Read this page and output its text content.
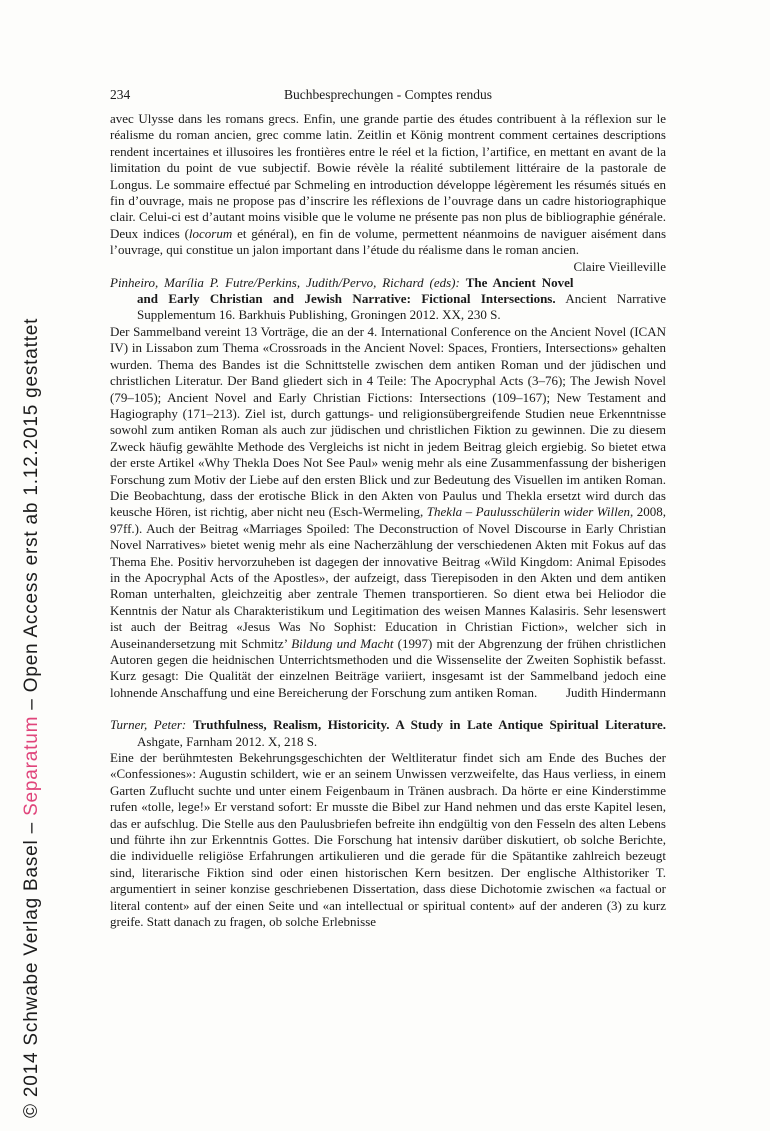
© 2014 Schwabe Verlag Basel – Separatum – Open Access erst ab 1.12.2015 gestattet
234	Buchbesprechungen - Comptes rendus

avec Ulysse dans les romans grecs. Enfin, une grande partie des études contribuent à la réflexion sur le réalisme du roman ancien, grec comme latin. Zeitlin et König montrent comment certaines descriptions rendent incertaines et illusoires les frontières entre le réel et la fiction, l’artifice, en mettant en avant de la limitation du point de vue subjectif. Bowie révèle la réalité subtilement littéraire de la pastorale de Longus. Le sommaire effectué par Schmeling en introduction développe légèrement les résumés situés en fin d’ouvrage, mais ne propose pas d’inscrire les réflexions de l’ouvrage dans un cadre historiographique clair. Celui-ci est d’autant moins visible que le volume ne présente pas non plus de bibliographie générale. Deux indices (locorum et général), en fin de volume, permettent néanmoins de naviguer aisément dans l’ouvrage, qui constitue un jalon important dans l’étude du réalisme dans le roman ancien.
Claire Vieilleville

Pinheiro, Marília P. Futre/Perkins, Judith/Pervo, Richard (eds): The Ancient Novel and Early Christian and Jewish Narrative: Fictional Intersections. Ancient Narrative Supplementum 16. Barkhuis Publishing, Groningen 2012. XX, 230 S.

Der Sammelband vereint 13 Vorträge, die an der 4. International Conference on the Ancient Novel (ICAN IV) in Lissabon zum Thema «Crossroads in the Ancient Novel: Spaces, Frontiers, Intersections» gehalten wurden. Thema des Bandes ist die Schnittstelle zwischen dem antiken Roman und der jüdischen und christlichen Literatur. Der Band gliedert sich in 4 Teile: The Apocryphal Acts (3–76); The Jewish Novel (79–105); Ancient Novel and Early Christian Fictions: Intersections (109–167); New Testament and Hagiography (171–213). Ziel ist, durch gattungs- und religionsübergreifende Studien neue Erkenntnisse sowohl zum antiken Roman als auch zur jüdischen und christlichen Fiktion zu gewinnen. Die zu diesem Zweck häufig gewählte Methode des Vergleichs ist nicht in jedem Beitrag gleich ergiebig. So bietet etwa der erste Artikel «Why Thekla Does Not See Paul» wenig mehr als eine Zusammenfassung der bisherigen Forschung zum Motiv der Liebe auf den ersten Blick und zur Bedeutung des Visuellen im antiken Roman. Die Beobachtung, dass der erotische Blick in den Akten von Paulus und Thekla ersetzt wird durch das keusche Hören, ist richtig, aber nicht neu (Esch-Wermeling, Thekla – Paulusschülerin wider Willen, 2008, 97ff.). Auch der Beitrag «Marriages Spoiled: The Deconstruction of Novel Discourse in Early Christian Novel Narratives» bietet wenig mehr als eine Nacherzählung der verschiedenen Akten mit Fokus auf das Thema Ehe. Positiv hervorzuheben ist dagegen der innovative Beitrag «Wild Kingdom: Animal Episodes in the Apocryphal Acts of the Apostles», der aufzeigt, dass Tierepisoden in den Akten und dem antiken Roman unterhalten, gleichzeitig aber zentrale Themen transportieren. So dient etwa bei Heliodor die Kenntnis der Natur als Charakteristikum und Legitimation des weisen Mannes Kalasiris. Sehr lesenswert ist auch der Beitrag «Jesus Was No Sophist: Education in Christian Fiction», welcher sich in Auseinandersetzung mit Schmitz’ Bildung und Macht (1997) mit der Abgrenzung der frühen christlichen Autoren gegen die heidnischen Unterrichtsmethoden und die Wissenselite der Zweiten Sophistik befasst. Kurz gesagt: Die Qualität der einzelnen Beiträge variiert, insgesamt ist der Sammelband jedoch eine lohnende Anschaffung und eine Bereicherung der Forschung zum antiken Roman. Judith Hindermann

Turner, Peter: Truthfulness, Realism, Historicity. A Study in Late Antique Spiritual Literature. Ashgate, Farnham 2012. X, 218 S.

Eine der berühmtesten Bekehrungsgeschichten der Weltliteratur findet sich am Ende des Buches der «Confessiones»: Augustin schildert, wie er an seinem Unwissen verzweifelte, das Haus verliess, in einem Garten Zuflucht suchte und unter einem Feigenbaum in Tränen ausbrach. Da hörte er eine Kinderstimme rufen «tolle, lege!» Er verstand sofort: Er musste die Bibel zur Hand nehmen und das erste Kapitel lesen, das er aufschlug. Die Stelle aus den Paulusbriefen befreite ihn endgültig von den Fesseln des alten Lebens und führte ihn zur Erkenntnis Gottes. Die Forschung hat intensiv darüber diskutiert, ob solche Berichte, die individuelle religiöse Erfahrungen artikulieren und die gerade für die Spätantike zahlreich bezeugt sind, literarische Fiktion sind oder einen historischen Kern besitzen. Der englische Althistoriker T. argumentiert in seiner konzise geschriebenen Dissertation, dass diese Dichotomie zwischen «a factual or literal content» auf der einen Seite und «an intellectual or spiritual content» auf der anderen (3) zu kurz greife. Statt danach zu fragen, ob solche Erlebnisse
